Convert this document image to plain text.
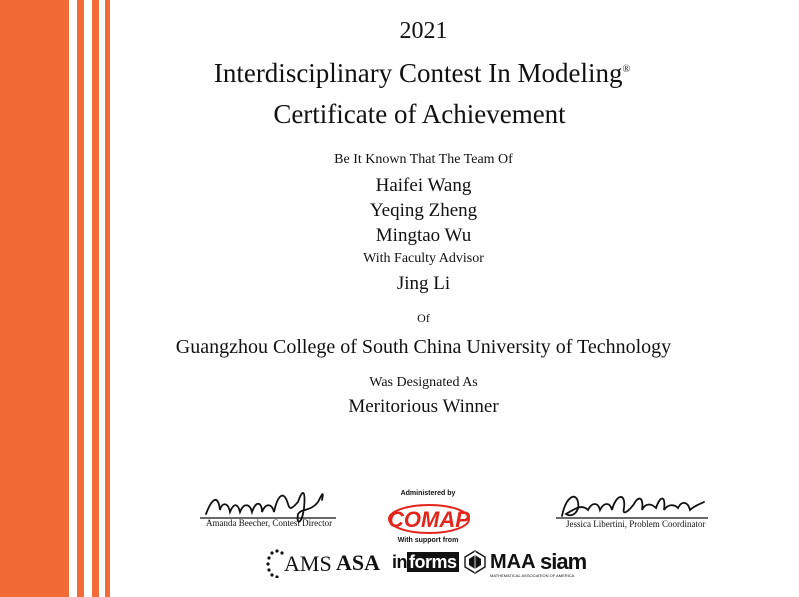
2021
Interdisciplinary Contest In Modeling®
Certificate of Achievement
Be It Known That The Team Of
Haifei Wang
Yeqing Zheng
Mingtao Wu
With Faculty Advisor
Jing Li
Of
Guangzhou College of South China University of Technology
Was Designated As
Meritorious Winner
Amanda Beecher, Contest Director	Jessica Libertini, Problem Coordinator
Administered by
COMAP
With support from
AMS ASA in forms MAA
MATHEMATICAL ASSOCIATION OF AMERICA
siam
